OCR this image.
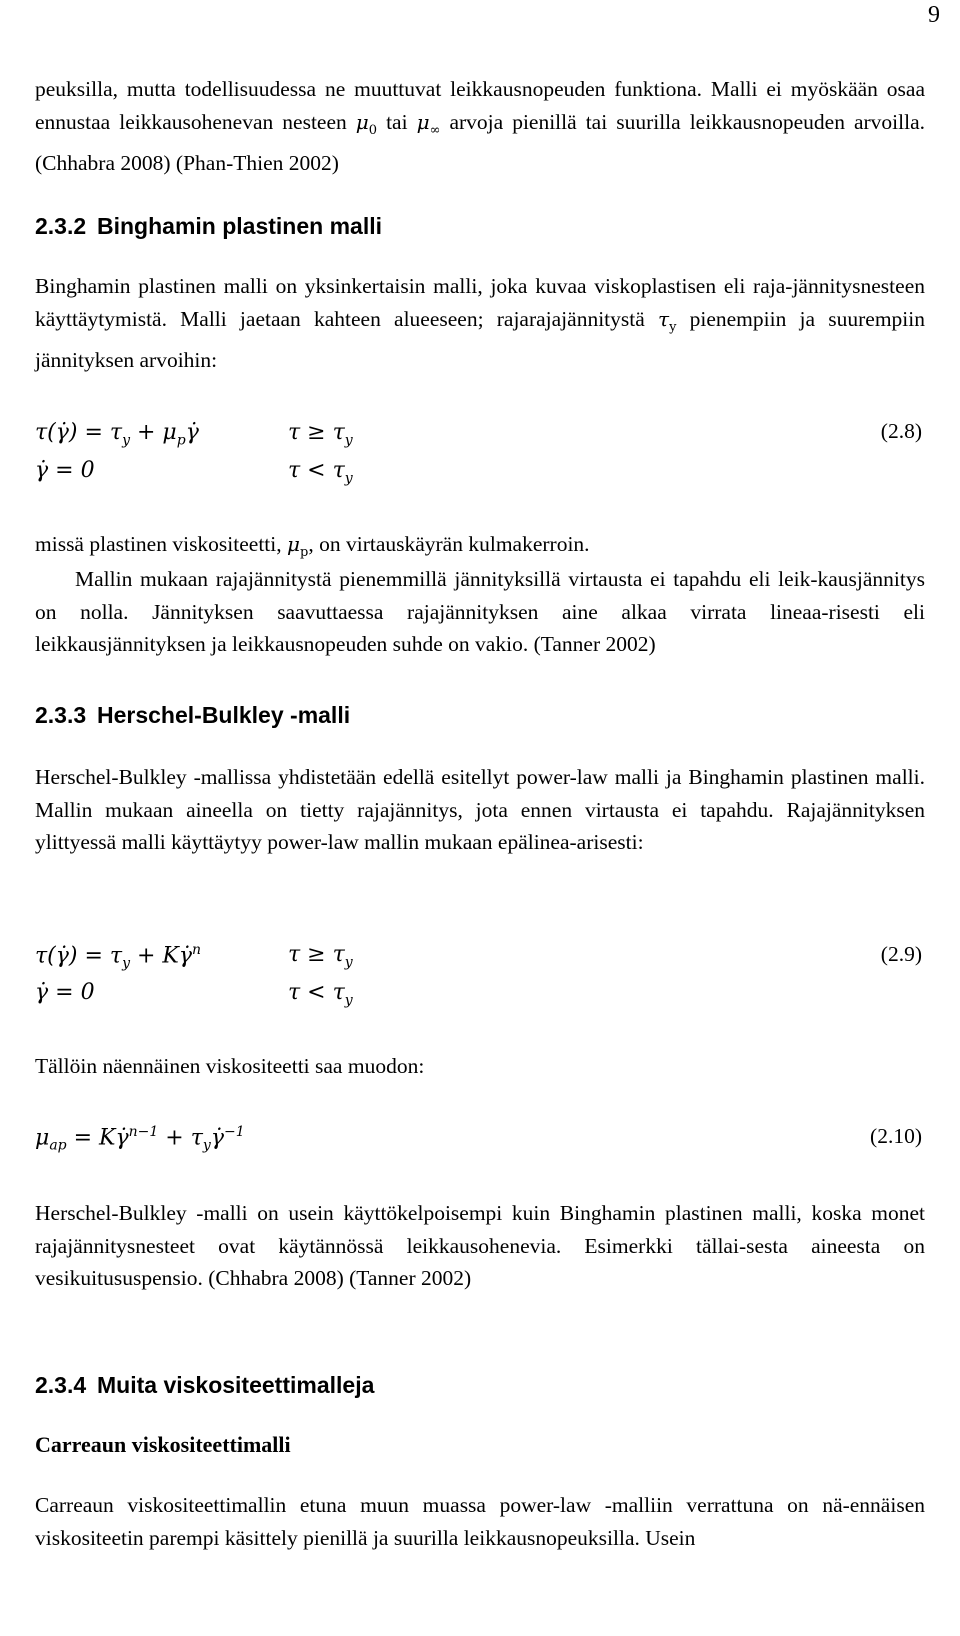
9

peuksilla, mutta todellisuudessa ne muuttuvat leikkausnopeuden funktiona. Malli ei myöskään osaa ennustaa leikkausohenevan nesteen $\mu_0$ tai $\mu_\infty$ arvoja pienillä tai suurilla leikkausnopeuden arvoilla. (Chhabra 2008) (Phan-Thien 2002)

2.3.2 Binghamin plastinen malli

Binghamin plastinen malli on yksinkertaisin malli, joka kuvaa viskoplastisen eli raja-jännitysnesteen käyttäytymistä. Malli jaetaan kahteen alueeseen; rajarajajännitystä $\tau_y$ pienempiin ja suurempiin jännityksen arvoihin:

τ(γ̇) = $\tau_y$ + $\mu_p\gammȧ$	$\tau \ge \tau_y$	(2.8)
γ̇ = 0	$\tau < \tau_y$

missä plastinen viskositeetti, $\mu_p$, on virtauskäyrän kulmakerroin.

Mallin mukaan rajajännitystä pienemmillä jännityksillä virtausta ei tapahdu eli leik-kausjännitys on nolla. Jännityksen saavuttaessa rajajännityksen aine alkaa virrata lineaa-risesti eli leikkausjännityksen ja leikkausnopeuden suhde on vakio. (Tanner 2002)

2.3.3 Herschel-Bulkley -malli

Herschel-Bulkley -mallissa yhdistetään edellä esitellyt power-law malli ja Binghamin plastinen malli. Mallin mukaan aineella on tietty rajajännitys, jota ennen virtausta ei tapahdu. Rajajännityksen ylittyessä malli käyttäytyy power-law mallin mukaan epälinea-arisesti:

τ(γ̇) = $\tau_y$ + Kγ̇$^n$	$\tau \ge \tau_y$	(2.9)
γ̇ = 0	$\tau < \tau_y$

Tällöin näennäinen viskositeetti saa muodon:

$\mu_{ap}$ = Kγ̇$^{n-1}$ + $\tau_y\gammȧ^{-1}$	(2.10)

Herschel-Bulkley -malli on usein käyttökelpoisempi kuin Binghamin plastinen malli, koska monet rajajännitysnesteet ovat käytännössä leikkausohenevia. Esimerkki tällai-sesta aineesta on vesikuitususpensio. (Chhabra 2008) (Tanner 2002)

2.3.4 Muita viskositeettimalleja
Carreaun viskositeettimalli

Carreaun viskositeettimallin etuna muun muassa power-law -malliin verrattuna on nä-ennäisen viskositeetin parempi käsittely pienillä ja suurilla leikkausnopeuksilla. Usein
